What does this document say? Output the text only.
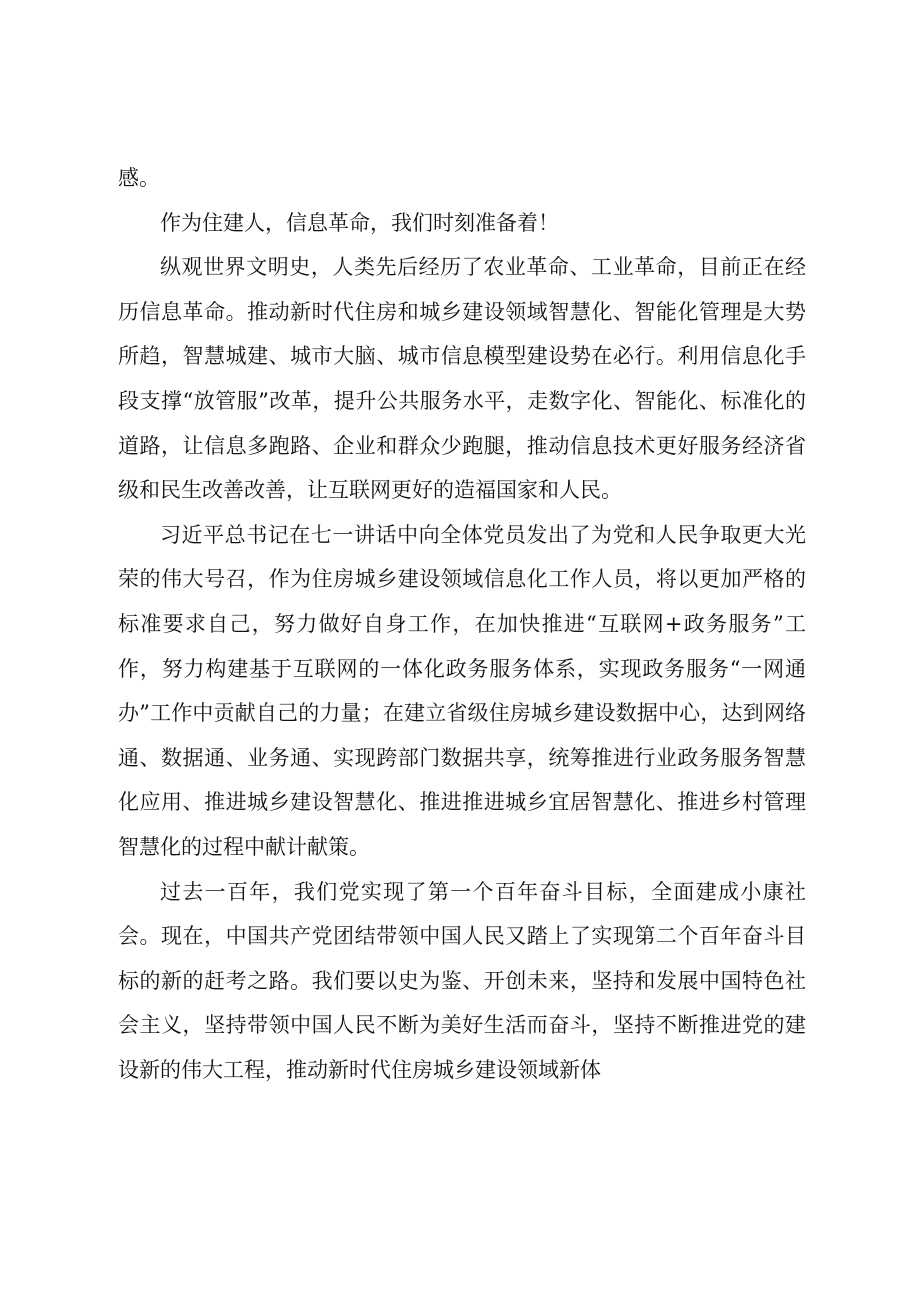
感。

作为住建人，信息革命，我们时刻准备着！

纵观世界文明史，人类先后经历了农业革命、工业革命，目前正在经历信息革命。推动新时代住房和城乡建设领域智慧化、智能化管理是大势所趋，智慧城建、城市大脑、城市信息模型建设势在必行。利用信息化手段支撑“放管服”改革，提升公共服务水平，走数字化、智能化、标准化的道路，让信息多跑路、企业和群众少跑腿，推动信息技术更好服务经济省级和民生改善改善，让互联网更好的造福国家和人民。

习近平总书记在七一讲话中向全体党员发出了为党和人民争取更大光荣的伟大号召，作为住房城乡建设领域信息化工作人员，将以更加严格的标准要求自己，努力做好自身工作，在加快推进“互联网+政务服务”工作，努力构建基于互联网的一体化政务服务体系，实现政务服务“一网通办”工作中贡献自己的力量；在建立省级住房城乡建设数据中心，达到网络通、数据通、业务通、实现跨部门数据共享，统筹推进行业政务服务智慧化应用、推进城乡建设智慧化、推进推进城乡宜居智慧化、推进乡村管理智慧化的过程中献计献策。

过去一百年，我们党实现了第一个百年奋斗目标，全面建成小康社会。现在，中国共产党团结带领中国人民又踏上了实现第二个百年奋斗目标的新的赶考之路。我们要以史为鉴、开创未来，坚持和发展中国特色社会主义，坚持带领中国人民不断为美好生活而奋斗，坚持不断推进党的建设新的伟大工程，推动新时代住房城乡建设领域新体
